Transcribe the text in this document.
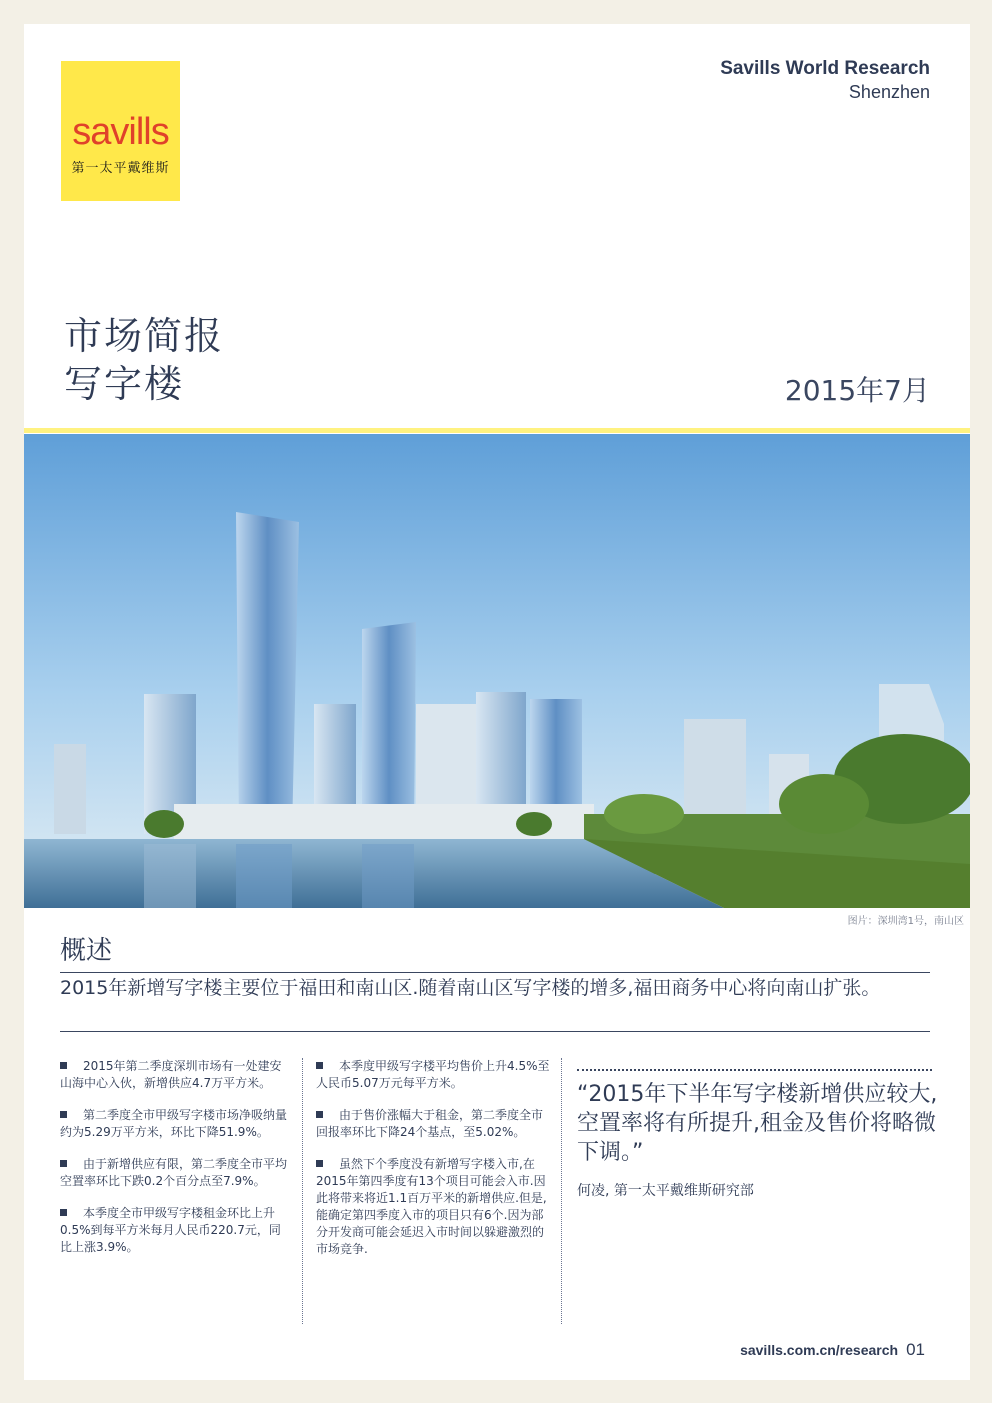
savills
第一太平戴维斯
Savills World Research
Shenzhen
市场简报
写字楼	2015年7月
图片：深圳湾1号，南山区
概述
2015年新增写字楼主要位于福田和南山区.随着南山区写字楼的增多,福田商务中心将向南山扩张。

2015年第二季度深圳市场有一处建安山海中心入伙，新增供应4.7万平方米。

第二季度全市甲级写字楼市场净吸纳量约为5.29万平方米，环比下降51.9%。

由于新增供应有限，第二季度全市平均空置率环比下跌0.2个百分点至7.9%。

本季度全市甲级写字楼租金环比上升0.5%到每平方米每月人民币220.7元，同比上涨3.9%。

本季度甲级写字楼平均售价上升4.5%至人民币5.07万元每平方米。

由于售价涨幅大于租金，第二季度全市回报率环比下降24个基点，至5.02%。

虽然下个季度没有新增写字楼入市,在2015年第四季度有13个项目可能会入市.因此将带来将近1.1百万平米的新增供应.但是,能确定第四季度入市的项目只有6个.因为部分开发商可能会延迟入市时间以躲避激烈的市场竞争.

“2015年下半年写字楼新增供应较大, 空置率将有所提升,租金及售价将略微下调。”
何凌, 第一太平戴维斯研究部
savills.com.cn/research 01
